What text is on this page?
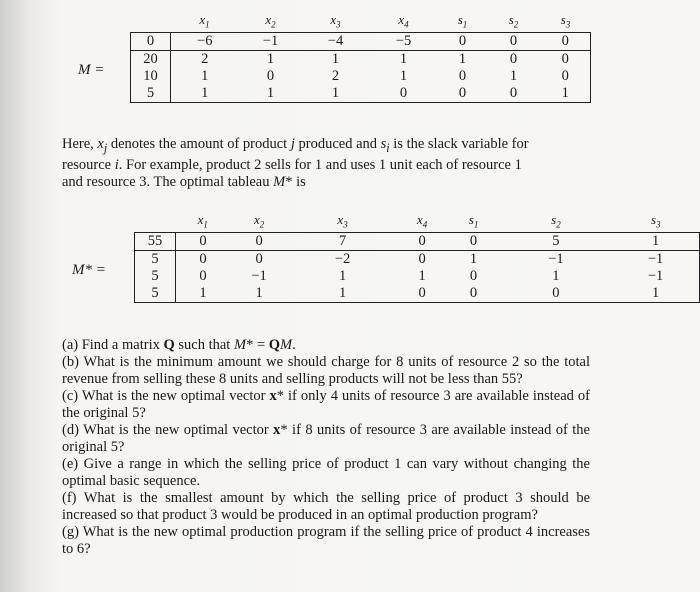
M =
	$x_1$	$x_2$	$x_3$	$x_4$	$s_1$	$s_2$	$s_3$
0	−6	−1	−4	−5	0	0	0
20	2	1	1	1	1	0	0
10	1	0	2	1	0	1	0
5	1	1	1	0	0	0	1
Here, $x_j$ denotes the amount of product j produced and $s_i$ is the slack variable for
resource i. For example, product 2 sells for 1 and uses 1 unit each of resource 1
and resource 3. The optimal tableau M* is
M* =
	$x_1$	$x_2$	$x_3$	$x_4$	$s_1$	$s_2$	$s_3$
55	0	0	7	0	0	5	1
5	0	0	−2	0	1	−1	−1
5	0	−1	1	1	0	1	−1
5	1	1	1	0	0	0	1

(a) Find a matrix Q such that M* = QM.

(b) What is the minimum amount we should charge for 8 units of resource 2 so the total revenue from selling these 8 units and selling products will not be less than 55?

(c) What is the new optimal vector x* if only 4 units of resource 3 are available instead of the original 5?

(d) What is the new optimal vector x* if 8 units of resource 3 are available instead of the original 5?

(e) Give a range in which the selling price of product 1 can vary without changing the optimal basic sequence.

(f) What is the smallest amount by which the selling price of product 3 should be increased so that product 3 would be produced in an optimal production program?

(g) What is the new optimal production program if the selling price of product 4 increases to 6?
